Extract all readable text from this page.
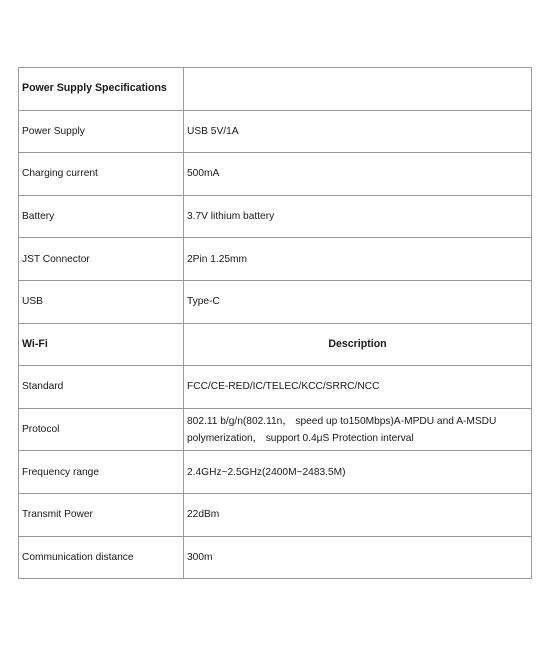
Power Supply Specifications	
Power Supply	USB 5V/1A
Charging current	500mA
Battery	3.7V lithium battery
JST Connector	2Pin 1.25mm
USB	Type-C
Wi-Fi	Description
Standard	FCC/CE-RED/IC/TELEC/KCC/SRRC/NCC
Protocol	802.11 b/g/n(802.11n， speed up to150Mbps)A-MPDU and A-MSDU polymerization， support 0.4μS Protection interval
Frequency range	2.4GHz~2.5GHz(2400M~2483.5M)
Transmit Power	22dBm
Communication distance	300m
